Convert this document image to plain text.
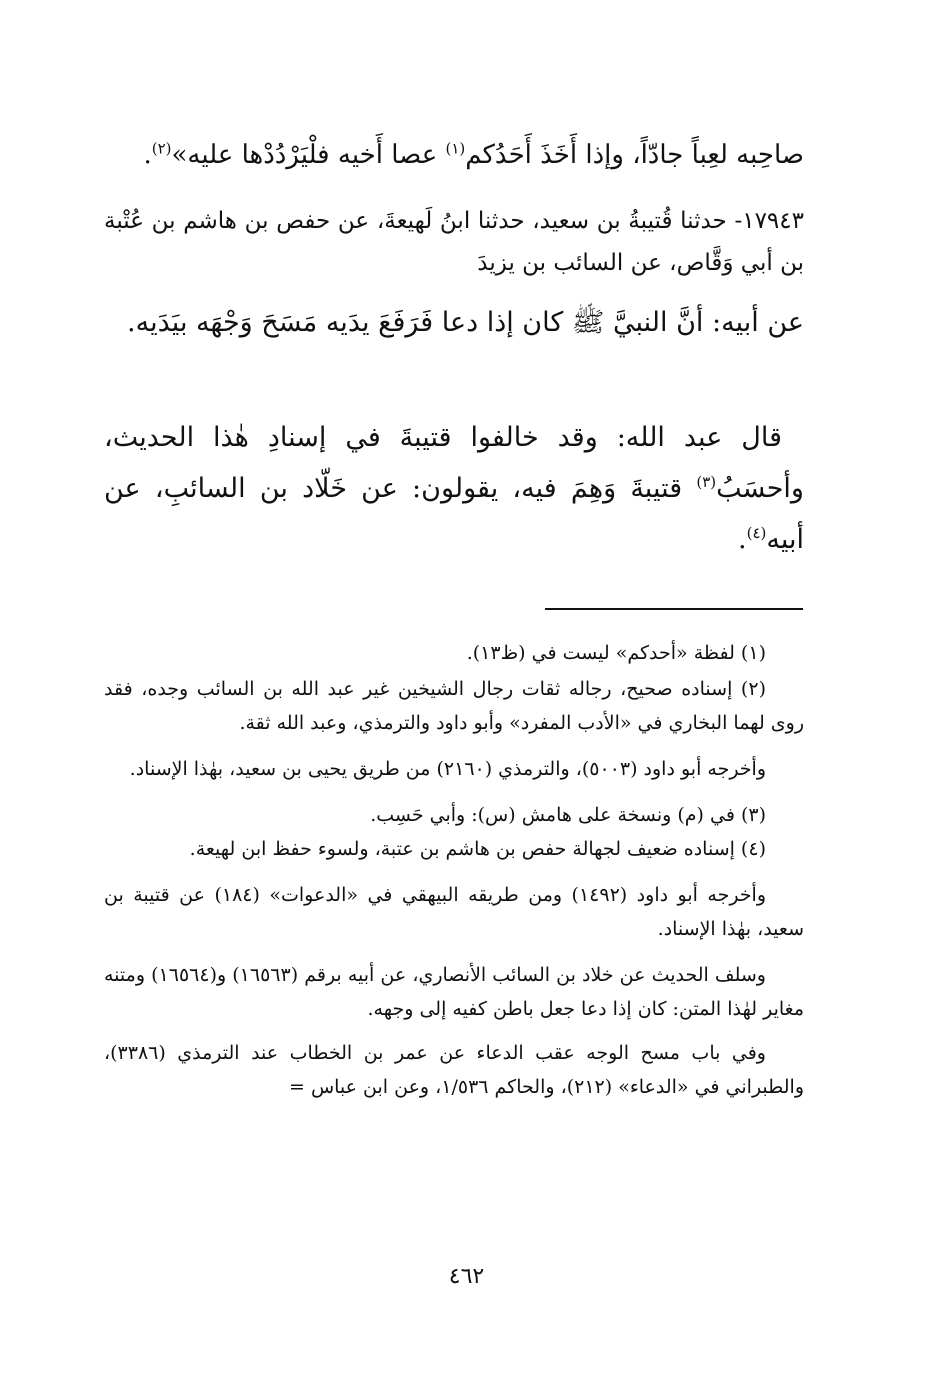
صاحِبه لعِباً جادّاً، وإذا أَخَذَ أَحَدُكم$^{(١)}$ عصا أَخيه فلْيَرْدُدْها عليه»$^{(٢)}$.

١٧٩٤٣- حدثنا قُتيبةُ بن سعيد، حدثنا ابنُ لَهيعةَ، عن حفص بن هاشم بن عُتْبة بن أبي وَقَّاص، عن السائب بن يزيدَ

عن أبيه: أنَّ النبيَّ ﷺ كان إذا دعا فَرَفَعَ يدَيه مَسَحَ وَجْهَه بيَدَيه.

قال عبد الله: وقد خالفوا قتيبةَ في إسنادِ هٰذا الحديث، وأحسَبُ$^{(٣)}$ قتيبةَ وَهِمَ فيه، يقولون: عن خَلّاد بن السائبِ، عن أبيه$^{(٤)}$.

(١) لفظة «أحدكم» ليست في (ظ١٣).

(٢) إسناده صحيح، رجاله ثقات رجال الشيخين غير عبد الله بن السائب وجده، فقد روى لهما البخاري في «الأدب المفرد» وأبو داود والترمذي، وعبد الله ثقة.

وأخرجه أبو داود (٥٠٠٣)، والترمذي (٢١٦٠) من طريق يحيى بن سعيد، بهٰذا الإسناد.

(٣) في (م) ونسخة على هامش (س): وأبي حَسِب.

(٤) إسناده ضعيف لجهالة حفص بن هاشم بن عتبة، ولسوء حفظ ابن لهيعة.

وأخرجه أبو داود (١٤٩٢) ومن طريقه البيهقي في «الدعوات» (١٨٤) عن قتيبة بن سعيد، بهٰذا الإسناد.

وسلف الحديث عن خلاد بن السائب الأنصاري، عن أبيه برقم (١٦٥٦٣) و(١٦٥٦٤) ومتنه مغاير لهٰذا المتن: كان إذا دعا جعل باطن كفيه إلى وجهه.

وفي باب مسح الوجه عقب الدعاء عن عمر بن الخطاب عند الترمذي (٣٣٨٦)، والطبراني في «الدعاء» (٢١٢)، والحاكم ١/٥٣٦، وعن ابن عباس =

٤٦٢
